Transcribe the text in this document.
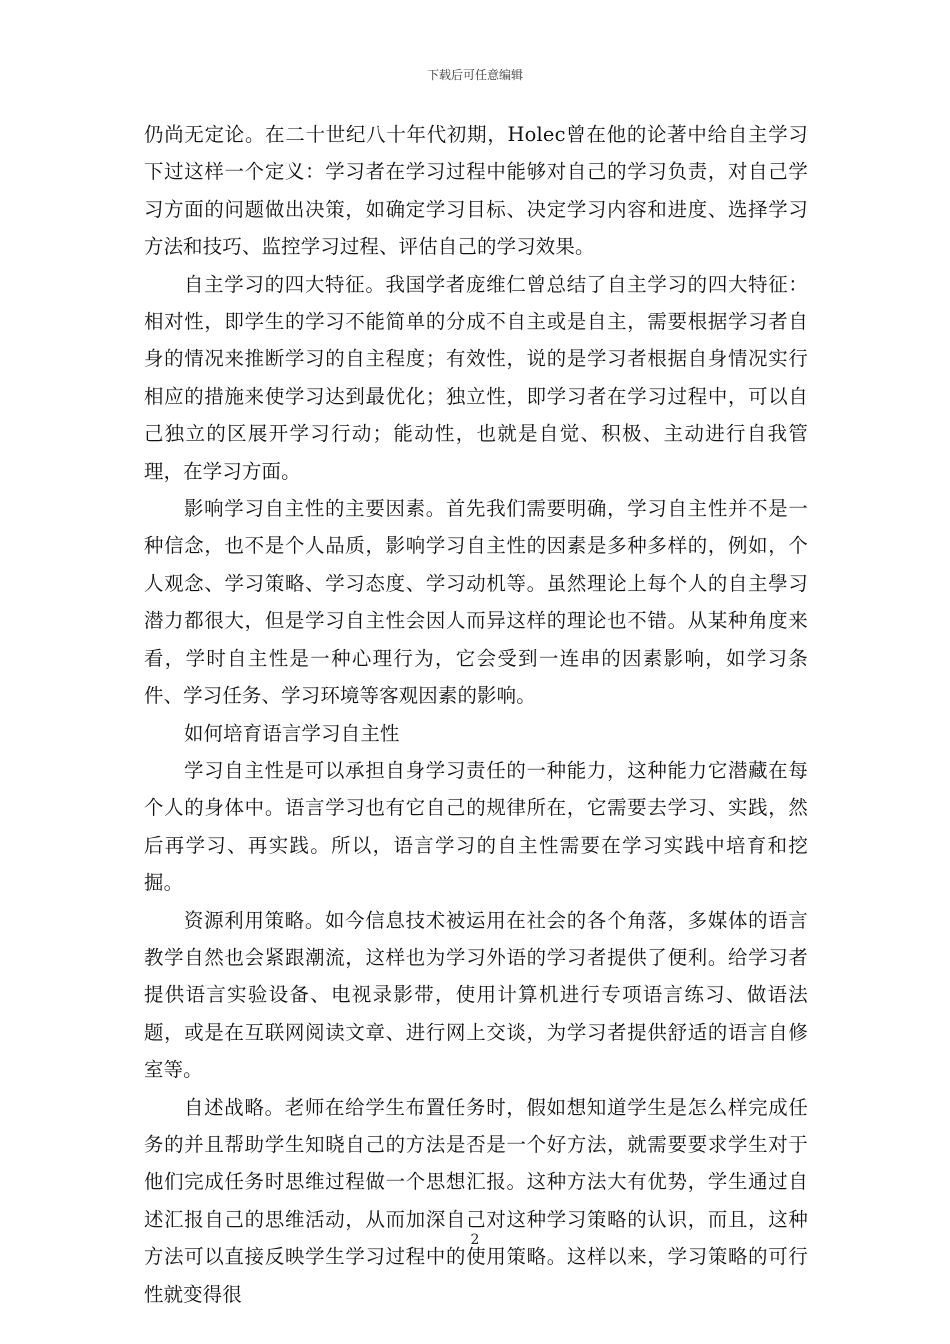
下载后可任意编辑

仍尚无定论。在二十世纪八十年代初期，Holec曾在他的论著中给自主学习下过这样一个定义：学习者在学习过程中能够对自己的学习负责，对自己学习方面的问题做出决策，如确定学习目标、决定学习内容和进度、选择学习方法和技巧、监控学习过程、评估自己的学习效果。

自主学习的四大特征。我国学者庞维仁曾总结了自主学习的四大特征：相对性，即学生的学习不能简单的分成不自主或是自主，需要根据学习者自身的情况来推断学习的自主程度；有效性，说的是学习者根据自身情况实行相应的措施来使学习达到最优化；独立性，即学习者在学习过程中，可以自己独立的区展开学习行动；能动性，也就是自觉、积极、主动进行自我管理，在学习方面。

影响学习自主性的主要因素。首先我们需要明确，学习自主性并不是一种信念，也不是个人品质，影响学习自主性的因素是多种多样的，例如，个人观念、学习策略、学习态度、学习动机等。虽然理论上每个人的自主學习潜力都很大，但是学习自主性会因人而异这样的理论也不错。从某种角度来看，学时自主性是一种心理行为，它会受到一连串的因素影响，如学习条件、学习任务、学习环境等客观因素的影响。

如何培育语言学习自主性

学习自主性是可以承担自身学习责任的一种能力，这种能力它潜藏在每个人的身体中。语言学习也有它自己的规律所在，它需要去学习、实践，然后再学习、再实践。所以，语言学习的自主性需要在学习实践中培育和挖掘。

资源利用策略。如今信息技术被运用在社会的各个角落，多媒体的语言教学自然也会紧跟潮流，这样也为学习外语的学习者提供了便利。给学习者提供语言实验设备、电视录影带，使用计算机进行专项语言练习、做语法题，或是在互联网阅读文章、进行网上交谈，为学习者提供舒适的语言自修室等。

自述战略。老师在给学生布置任务时，假如想知道学生是怎么样完成任务的并且帮助学生知晓自己的方法是否是一个好方法，就需要要求学生对于他们完成任务时思维过程做一个思想汇报。这种方法大有优势，学生通过自述汇报自己的思维活动，从而加深自己对这种学习策略的认识，而且，这种方法可以直接反映学生学习过程中的使用策略。这样以来，学习策略的可行性就变得很

2
